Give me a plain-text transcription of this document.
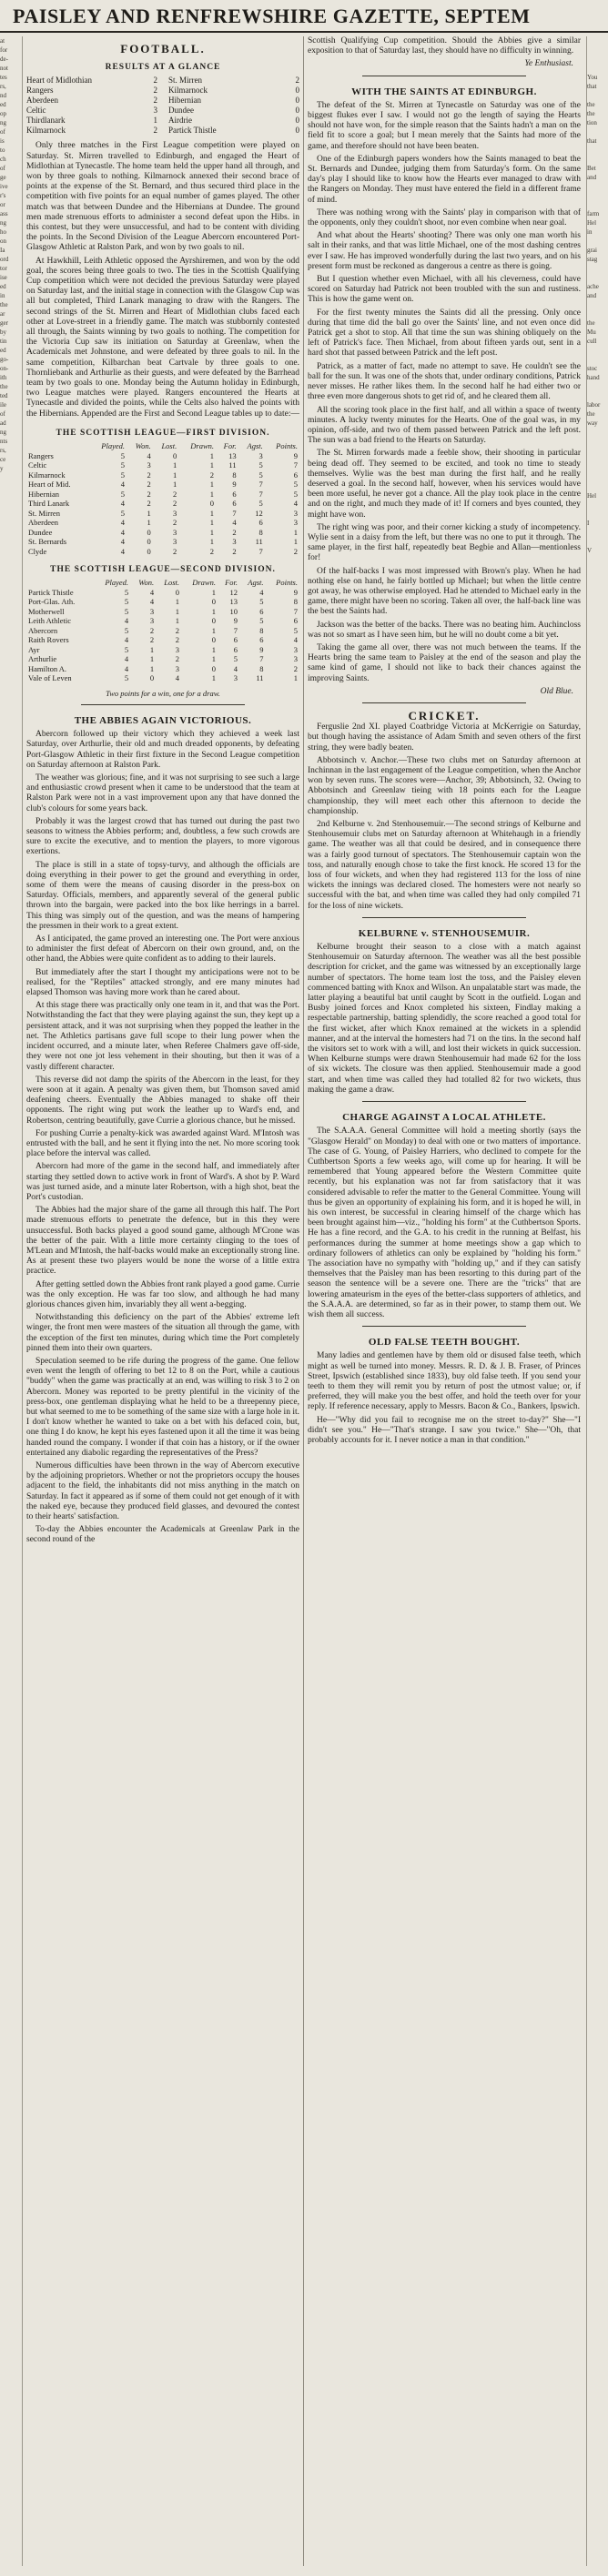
PAISLEY AND RENFREWSHIRE GAZETTE, SEPTEM
at
for
de-
not
tes
rs,
nd
ed
op
ng
of
is
to
ch
of
ge
ive
r's
or
ass
ng
ho
on
Ia
ord
tor
ise
ed
in
the
ar
ger
by
tin
ed
go-
on-
ith
the
ted
ile
of
ad
ng
nts
rs,
ce
y
You
that
the
the
tion
that
Bet
and
farm
Hel
in
grai
stag
ache
and
the
Mu
cull
stoc
hand
labor
the
way
Hel
I
V
FOOTBALL.
RESULTS AT A GLANCE
Heart of Midlothian	2 St. Mirren	2
Rangers	2 Kilmarnock	0
Aberdeen	2 Hibernian	0
Celtic	3 Dundee	0
Thirdlanark	1 Airdrie	0
Kilmarnock	2 Partick Thistle	0

Only three matches in the First League competition were played on Saturday. St. Mirren travelled to Edinburgh, and engaged the Heart of Midlothian at Tynecastle. The home team held the upper hand all through, and won by three goals to nothing. Kilmarnock annexed their second brace of points at the expense of the St. Bernard, and thus secured third place in the competition with five points for an equal number of games played. The other match was that between Dundee and the Hibernians at Dundee. The ground men made strenuous efforts to administer a second defeat upon the Hibs. in this contest, but they were unsuccessful, and had to be content with dividing the points. In the Second Division of the League Abercorn encountered Port-Glasgow Athletic at Ralston Park, and won by two goals to nil.

At Hawkhill, Leith Athletic opposed the Ayrshiremen, and won by the odd goal, the scores being three goals to two. The ties in the Scottish Qualifying Cup competition which were not decided the previous Saturday were played on Saturday last, and the initial stage in connection with the Glasgow Cup was all but completed, Third Lanark managing to draw with the Rangers. The second strings of the St. Mirren and Heart of Midlothian clubs faced each other at Love-street in a friendly game. The match was stubbornly contested all through, the Saints winning by two goals to nothing. The competition for the Victoria Cup saw its initiation on Saturday at Greenlaw, when the Academicals met Johnstone, and were defeated by three goals to nil. In the same competition, Kilbarchan beat Cartvale by three goals to one. Thornliebank and Arthurlie as their guests, and were defeated by the Barrhead team by two goals to one. Monday being the Autumn holiday in Edinburgh, two League matches were played. Rangers encountered the Hearts at Tynecastle and divided the points, while the Celts also halved the points with the Hibernians. Appended are the First and Second League tables up to date:—

THE SCOTTISH LEAGUE—FIRST DIVISION.
	Played.	Won.	Lost.	Drawn.	For.	Agst.	Points.
Rangers	5	4	0	1	13	3	9
Celtic	5	3	1	1	11	5	7
Kilmarnock	5	2	1	2	8	5	6
Heart of Mid.	4	2	1	1	9	7	5
Hibernian	5	2	2	1	6	7	5
Third Lanark	4	2	2	0	6	5	4
St. Mirren	5	1	3	1	7	12	3
Aberdeen	4	1	2	1	4	6	3
Dundee	4	0	3	1	2	8	1
St. Bernards	4	0	3	1	3	11	1
Clyde	4	0	2	2	2	7	2
THE SCOTTISH LEAGUE—SECOND DIVISION.
	Played.	Won.	Lost.	Drawn.	For.	Agst.	Points.
Partick Thistle	5	4	0	1	12	4	9
Port-Glas. Ath.	5	4	1	0	13	5	8
Motherwell	5	3	1	1	10	6	7
Leith Athletic	4	3	1	0	9	5	6
Abercorn	5	2	2	1	7	8	5
Raith Rovers	4	2	2	0	6	6	4
Ayr	5	1	3	1	6	9	3
Arthurlie	4	1	2	1	5	7	3
Hamilton A.	4	1	3	0	4	8	2
Vale of Leven	5	0	4	1	3	11	1
Two points for a win, one for a draw.
THE ABBIES AGAIN VICTORIOUS.

Abercorn followed up their victory which they achieved a week last Saturday, over Arthurlie, their old and much dreaded opponents, by defeating Port-Glasgow Athletic in their first fixture in the Second League competition on Saturday afternoon at Ralston Park.

The weather was glorious; fine, and it was not surprising to see such a large and enthusiastic crowd present when it came to be understood that the team at Ralston Park were not in a vast improvement upon any that have donned the club's colours for some years back.

Probably it was the largest crowd that has turned out during the past two seasons to witness the Abbies perform; and, doubtless, a few such crowds are sure to excite the executive, and to mention the players, to more vigorous exertions.

The place is still in a state of topsy-turvy, and although the officials are doing everything in their power to get the ground and everything in order, some of them were the means of causing disorder in the press-box on Saturday. Officials, members, and apparently several of the general public thrown into the bargain, were packed into the box like herrings in a barrel. This thing was simply out of the question, and was the means of hampering the pressmen in their work to a great extent.

As I anticipated, the game proved an interesting one. The Port were anxious to administer the first defeat of Abercorn on their own ground, and, on the other hand, the Abbies were quite confident as to adding to their laurels.

But immediately after the start I thought my anticipations were not to be realised, for the "Reptiles" attacked strongly, and ere many minutes had elapsed Thomson was having more work than he cared about.

At this stage there was practically only one team in it, and that was the Port. Notwithstanding the fact that they were playing against the sun, they kept up a persistent attack, and it was not surprising when they popped the leather in the net. The Athletics partisans gave full scope to their lung power when the incident occurred, and a minute later, when Referee Chalmers gave off-side, they were not one jot less vehement in their shouting, but then it was of a vastly different character.

This reverse did not damp the spirits of the Abercorn in the least, for they were soon at it again. A penalty was given them, but Thomson saved amid deafening cheers. Eventually the Abbies managed to shake off their opponents. The right wing put work the leather up to Ward's end, and Robertson, centring beautifully, gave Currie a glorious chance, but he missed.

For pushing Currie a penalty-kick was awarded against Ward. M'Intosh was entrusted with the ball, and he sent it flying into the net. No more scoring took place before the interval was called.

Abercorn had more of the game in the second half, and immediately after starting they settled down to active work in front of Ward's. A shot by P. Ward was just turned aside, and a minute later Robertson, with a high shot, beat the Port's custodian.

The Abbies had the major share of the game all through this half. The Port made strenuous efforts to penetrate the defence, but in this they were unsuccessful. Both backs played a good sound game, although M'Crone was the better of the pair. With a little more certainty clinging to the toes of M'Lean and M'Intosh, the half-backs would make an exceptionally strong line. As at present these two players would be none the worse of a little extra practice.

After getting settled down the Abbies front rank played a good game. Currie was the only exception. He was far too slow, and although he had many glorious chances given him, invariably they all went a-begging.

Notwithstanding this deficiency on the part of the Abbies' extreme left winger, the front men were masters of the situation all through the game, with the exception of the first ten minutes, during which time the Port completely pinned them into their own quarters.

Speculation seemed to be rife during the progress of the game. One fellow even went the length of offering to bet 12 to 8 on the Port, while a cautious "buddy" when the game was practically at an end, was willing to risk 3 to 2 on Abercorn. Money was reported to be pretty plentiful in the vicinity of the press-box, one gentleman displaying what he held to be a threepenny piece, but what seemed to me to be something of the same size with a large hole in it. I don't know whether he wanted to take on a bet with his defaced coin, but, one thing I do know, he kept his eyes fastened upon it all the time it was being handed round the company. I wonder if that coin has a history, or if the owner entertained any diabolic regarding the representatives of the Press?

Numerous difficulties have been thrown in the way of Abercorn executive by the adjoining proprietors. Whether or not the proprietors occupy the houses adjacent to the field, the inhabitants did not miss anything in the match on Saturday. In fact it appeared as if some of them could not get enough of it with the naked eye, because they produced field glasses, and devoured the contest to their hearts' satisfaction.

To-day the Abbies encounter the Academicals at Greenlaw Park in the second round of the

Scottish Qualifying Cup competition. Should the Abbies give a similar exposition to that of Saturday last, they should have no difficulty in winning.

Ye Enthusiast.
WITH THE SAINTS AT EDINBURGH.

The defeat of the St. Mirren at Tynecastle on Saturday was one of the biggest flukes ever I saw. I would not go the length of saying the Hearts should not have won, for the simple reason that the Saints hadn't a man on the field fit to score a goal; but I mean merely that the Saints had more of the game, and therefore should not have been beaten.

One of the Edinburgh papers wonders how the Saints managed to beat the St. Bernards and Dundee, judging them from Saturday's form. On the same day's play I should like to know how the Hearts ever managed to draw with the Rangers on Monday. They must have entered the field in a different frame of mind.

There was nothing wrong with the Saints' play in comparison with that of the opponents, only they couldn't shoot, nor even combine when near goal.

And what about the Hearts' shooting? There was only one man worth his salt in their ranks, and that was little Michael, one of the most dashing centres ever I saw. He has improved wonderfully during the last two years, and on his present form must be reckoned as dangerous a centre as there is going.

But I question whether even Michael, with all his cleverness, could have scored on Saturday had Patrick not been troubled with the sun and rustiness. This is how the game went on.

For the first twenty minutes the Saints did all the pressing. Only once during that time did the ball go over the Saints' line, and not even once did Patrick get a shot to stop. All that time the sun was shining obliquely on the left of Patrick's face. Then Michael, from about fifteen yards out, sent in a hard shot that passed between Patrick and the left post.

Patrick, as a matter of fact, made no attempt to save. He couldn't see the ball for the sun. It was one of the shots that, under ordinary conditions, Patrick never misses. He rather likes them. In the second half he had either two or three even more dangerous shots to get rid of, and he cleared them all.

All the scoring took place in the first half, and all within a space of twenty minutes. A lucky twenty minutes for the Hearts. One of the goal was, in my opinion, off-side, and two of them passed between Patrick and the left post. The sun was a bad friend to the Hearts on Saturday.

The St. Mirren forwards made a feeble show, their shooting in particular being dead off. They seemed to be excited, and took no time to steady themselves. Wylie was the best man during the first half, and he really deserved a goal. In the second half, however, when his services would have been more useful, he never got a chance. All the play took place in the centre and on the right, and much they made of it! If corners and byes counted, they might have won.

The right wing was poor, and their corner kicking a study of incompetency. Wylie sent in a daisy from the left, but there was no one to put it through. The same player, in the first half, repeatedly beat Begbie and Allan—mentionless for!

Of the half-backs I was most impressed with Brown's play. When he had nothing else on hand, he fairly bottled up Michael; but when the little centre got away, he was otherwise employed. Had he attended to Michael early in the game, there might have been no scoring. Taken all over, the half-back line was the best the Saints had.

Jackson was the better of the backs. There was no beating him. Auchincloss was not so smart as I have seen him, but he will no doubt come a bit yet.

Taking the game all over, there was not much between the teams. If the Hearts bring the same team to Paisley at the end of the season and play the same kind of game, I should not like to back their chances against the improving Saints.

Old Blue.
CRICKET.

Ferguslie 2nd XI. played Coatbridge Victoria at McKerrigie on Saturday, but though having the assistance of Adam Smith and seven others of the first string, they were badly beaten.

Abbotsinch v. Anchor.—These two clubs met on Saturday afternoon at Inchinnan in the last engagement of the League competition, when the Anchor won by seven runs. The scores were—Anchor, 39; Abbotsinch, 32. Owing to Abbotsinch and Greenlaw tieing with 18 points each for the League championship, they will meet each other this afternoon to decide the championship.

2nd Kelburne v. 2nd Stenhousemuir.—The second strings of Kelburne and Stenhousemuir clubs met on Saturday afternoon at Whitehaugh in a friendly game. The weather was all that could be desired, and in consequence there was a fairly good turnout of spectators. The Stenhousemuir captain won the toss, and naturally enough chose to take the first knock. He scored 13 for the loss of four wickets, and when they had registered 113 for the loss of nine wickets the innings was declared closed. The homesters were not nearly so successful with the bat, and when time was called they had only compiled 71 for the loss of nine wickets.

KELBURNE v. STENHOUSEMUIR.

Kelburne brought their season to a close with a match against Stenhousemuir on Saturday afternoon. The weather was all the best possible description for cricket, and the game was witnessed by an exceptionally large number of spectators. The home team lost the toss, and the Paisley eleven commenced batting with Knox and Wilson. An unpalatable start was made, the latter playing a beautiful bat until caught by Scott in the outfield. Logan and Busby joined forces and Knox completed his sixteen, Findlay making a respectable partnership, batting splendidly, the score reached a good total for the first wicket, after which Knox remained at the wickets in a splendid manner, and at the interval the homesters had 71 on the tins. In the second half the visitors set to work with a will, and lost their wickets in quick succession. When Kelburne stumps were drawn Stenhousemuir had made 62 for the loss of six wickets. The closure was then applied. Stenhousemuir made a good start, and when time was called they had totalled 82 for two wickets, thus making the game a draw.

CHARGE AGAINST A LOCAL ATHLETE.

The S.A.A.A. General Committee will hold a meeting shortly (says the "Glasgow Herald" on Monday) to deal with one or two matters of importance. The case of G. Young, of Paisley Harriers, who declined to compete for the Cuthbertson Sports a few weeks ago, will come up for hearing. It will be remembered that Young appeared before the Western Committee quite recently, but his explanation was not far from satisfactory that it was considered advisable to refer the matter to the General Committee. Young will thus be given an opportunity of explaining his form, and it is hoped he will, in his own interest, be successful in clearing himself of the charge which has been brought against him—viz., "holding his form" at the Cuthbertson Sports. He has a fine record, and the G.A. to his credit in the running at Belfast, his performances during the summer at home meetings show a gap which to ordinary followers of athletics can only be explained by "holding his form." The association have no sympathy with "holding up," and if they can satisfy themselves that the Paisley man has been resorting to this during part of the season the sentence will be a severe one. There are the "tricks" that are lowering amateurism in the eyes of the better-class supporters of athletics, and the S.A.A.A. are determined, so far as in their power, to stamp them out. We wish them all success.

OLD FALSE TEETH BOUGHT.

Many ladies and gentlemen have by them old or disused false teeth, which might as well be turned into money. Messrs. R. D. & J. B. Fraser, of Princes Street, Ipswich (established since 1833), buy old false teeth. If you send your teeth to them they will remit you by return of post the utmost value; or, if preferred, they will make you the best offer, and hold the teeth over for your reply. If reference necessary, apply to Messrs. Bacon & Co., Bankers, Ipswich.

He—"Why did you fail to recognise me on the street to-day?" She—"I didn't see you." He—"That's strange. I saw you twice." She—"Oh, that probably accounts for it. I never notice a man in that condition."
